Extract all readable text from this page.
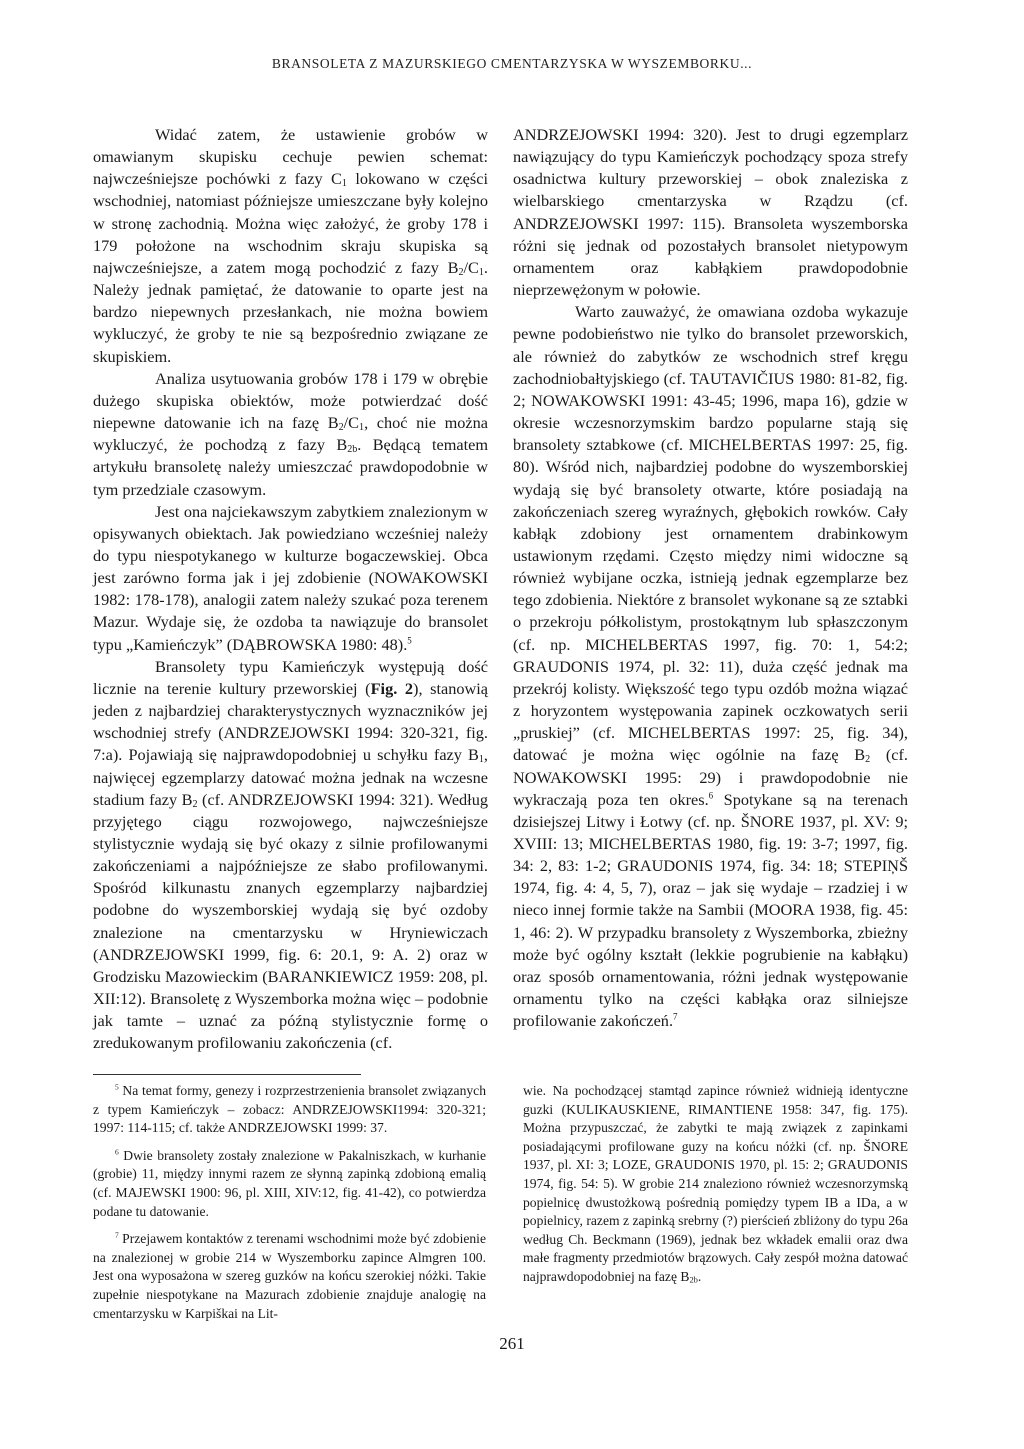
BRANSOLETA Z MAZURSKIEGO CMENTARZYSKA W WYSZEMBORKU...

Widać zatem, że ustawienie grobów w omawianym skupisku cechuje pewien schemat: najwcześniejsze pochówki z fazy $C_1$ lokowano w części wschodniej, natomiast późniejsze umieszczane były kolejno w stronę zachodnią. Można więc założyć, że groby 178 i 179 położone na wschodnim skraju skupiska są najwcześniejsze, a zatem mogą pochodzić z fazy $B_2/C_1$. Należy jednak pamiętać, że datowanie to oparte jest na bardzo niepewnych przesłankach, nie można bowiem wykluczyć, że groby te nie są bezpośrednio związane ze skupiskiem.

Analiza usytuowania grobów 178 i 179 w obrębie dużego skupiska obiektów, może potwierdzać dość niepewne datowanie ich na fazę $B_2/C_1$, choć nie można wykluczyć, że pochodzą z fazy $B_{2b}$. Będącą tematem artykułu bransoletę należy umieszczać prawdopodobnie w tym przedziale czasowym.

Jest ona najciekawszym zabytkiem znalezionym w opisywanych obiektach. Jak powiedziano wcześniej należy do typu niespotykanego w kulturze bogaczewskiej. Obca jest zarówno forma jak i jej zdobienie (NOWAKOWSKI 1982: 178-178), analogii zatem należy szukać poza terenem Mazur. Wydaje się, że ozdoba ta nawiązuje do bransolet typu „Kamieńczyk” (DĄBROWSKA 1980: 48).$^5$

Bransolety typu Kamieńczyk występują dość licznie na terenie kultury przeworskiej (Fig. 2), stanowią jeden z najbardziej charakterystycznych wyznaczników jej wschodniej strefy (ANDRZEJOWSKI 1994: 320-321, fig. 7:a). Pojawiają się najprawdopodobniej u schyłku fazy $B_1$, najwięcej egzemplarzy datować można jednak na wczesne stadium fazy $B_2$ (cf. ANDRZEJOWSKI 1994: 321). Według przyjętego ciągu rozwojowego, najwcześniejsze stylistycznie wydają się być okazy z silnie profilowanymi zakończeniami a najpóźniejsze ze słabo profilowanymi. Spośród kilkunastu znanych egzemplarzy najbardziej podobne do wyszemborskiej wydają się być ozdoby znalezione na cmentarzysku w Hryniewiczach (ANDRZEJOWSKI 1999, fig. 6: 20.1, 9: A. 2) oraz w Grodzisku Mazowieckim (BARANKIEWICZ 1959: 208, pl. XII:12). Bransoletę z Wyszemborka można więc – podobnie jak tamte – uznać za późną stylistycznie formę o zredukowanym profilowaniu zakończenia (cf.

ANDRZEJOWSKI 1994: 320). Jest to drugi egzemplarz nawiązujący do typu Kamieńczyk pochodzący spoza strefy osadnictwa kultury przeworskiej – obok znaleziska z wielbarskiego cmentarzyska w Rządzu (cf. ANDRZEJOWSKI 1997: 115). Bransoleta wyszemborska różni się jednak od pozostałych bransolet nietypowym ornamentem oraz kabłąkiem prawdopodobnie nieprzewężonym w połowie.

Warto zauważyć, że omawiana ozdoba wykazuje pewne podobieństwo nie tylko do bransolet przeworskich, ale również do zabytków ze wschodnich stref kręgu zachodniobałtyjskiego (cf. TAUTAVIČIUS 1980: 81-82, fig. 2; NOWAKOWSKI 1991: 43-45; 1996, mapa 16), gdzie w okresie wczesnorzymskim bardzo popularne stają się bransolety sztabkowe (cf. MICHELBERTAS 1997: 25, fig. 80). Wśród nich, najbardziej podobne do wyszemborskiej wydają się być bransolety otwarte, które posiadają na zakończeniach szereg wyraźnych, głębokich rowków. Cały kabłąk zdobiony jest ornamentem drabinkowym ustawionym rzędami. Często między nimi widoczne są również wybijane oczka, istnieją jednak egzemplarze bez tego zdobienia. Niektóre z bransolet wykonane są ze sztabki o przekroju półkolistym, prostokątnym lub spłaszczonym (cf. np. MICHELBERTAS 1997, fig. 70: 1, 54:2; GRAUDONIS 1974, pl. 32: 11), duża część jednak ma przekrój kolisty. Większość tego typu ozdób można wiązać z horyzontem występowania zapinek oczkowatych serii „pruskiej” (cf. MICHELBERTAS 1997: 25, fig. 34), datować je można więc ogólnie na fazę $B_2$ (cf. NOWAKOWSKI 1995: 29) i prawdopodobnie nie wykraczają poza ten okres.$^6$ Spotykane są na terenach dzisiejszej Litwy i Łotwy (cf. np. ŠNORE 1937, pl. XV: 9; XVIII: 13; MICHELBERTAS 1980, fig. 19: 3-7; 1997, fig. 34: 2, 83: 1-2; GRAUDONIS 1974, fig. 34: 18; STEPIŅŠ 1974, fig. 4: 4, 5, 7), oraz – jak się wydaje – rzadziej i w nieco innej formie także na Sambii (MOORA 1938, fig. 45: 1, 46: 2). W przypadku bransolety z Wyszemborka, zbieżny może być ogólny kształt (lekkie pogrubienie na kabłąku) oraz sposób ornamentowania, różni jednak występowanie ornamentu tylko na części kabłąka oraz silniejsze profilowanie zakończeń.$^7$

$^5$ Na temat formy, genezy i rozprzestrzenienia bransolet związanych z typem Kamieńczyk – zobacz: ANDRZEJOWSKI1994: 320-321; 1997: 114-115; cf. także ANDRZEJOWSKI 1999: 37.

$^6$ Dwie bransolety zostały znalezione w Pakalniszkach, w kurhanie (grobie) 11, między innymi razem ze słynną zapinką zdobioną emalią (cf. MAJEWSKI 1900: 96, pl. XIII, XIV:12, fig. 41-42), co potwierdza podane tu datowanie.

$^7$ Przejawem kontaktów z terenami wschodnimi może być zdobienie na znalezionej w grobie 214 w Wyszemborku zapince Almgren 100. Jest ona wyposażona w szereg guzków na końcu szerokiej nóżki. Takie zupełnie niespotykane na Mazurach zdobienie znajduje analogię na cmentarzysku w Karpiškai na Lit-

wie. Na pochodzącej stamtąd zapince również widnieją identyczne guzki (KULIKAUSKIENE, RIMANTIENE 1958: 347, fig. 175). Można przypuszczać, że zabytki te mają związek z zapinkami posiadającymi profilowane guzy na końcu nóżki (cf. np. ŠNORE 1937, pl. XI: 3; LOZE, GRAUDONIS 1970, pl. 15: 2; GRAUDONIS 1974, fig. 54: 5). W grobie 214 znaleziono również wczesnorzymską popielnicę dwustożkową pośrednią pomiędzy typem IB a IDa, a w popielnicy, razem z zapinką srebrny (?) pierścień zbliżony do typu 26a według Ch. Beckmann (1969), jednak bez wkładek emalii oraz dwa małe fragmenty przedmiotów brązowych. Cały zespół można datować najprawdopodobniej na fazę $B_{2b}$.

261
